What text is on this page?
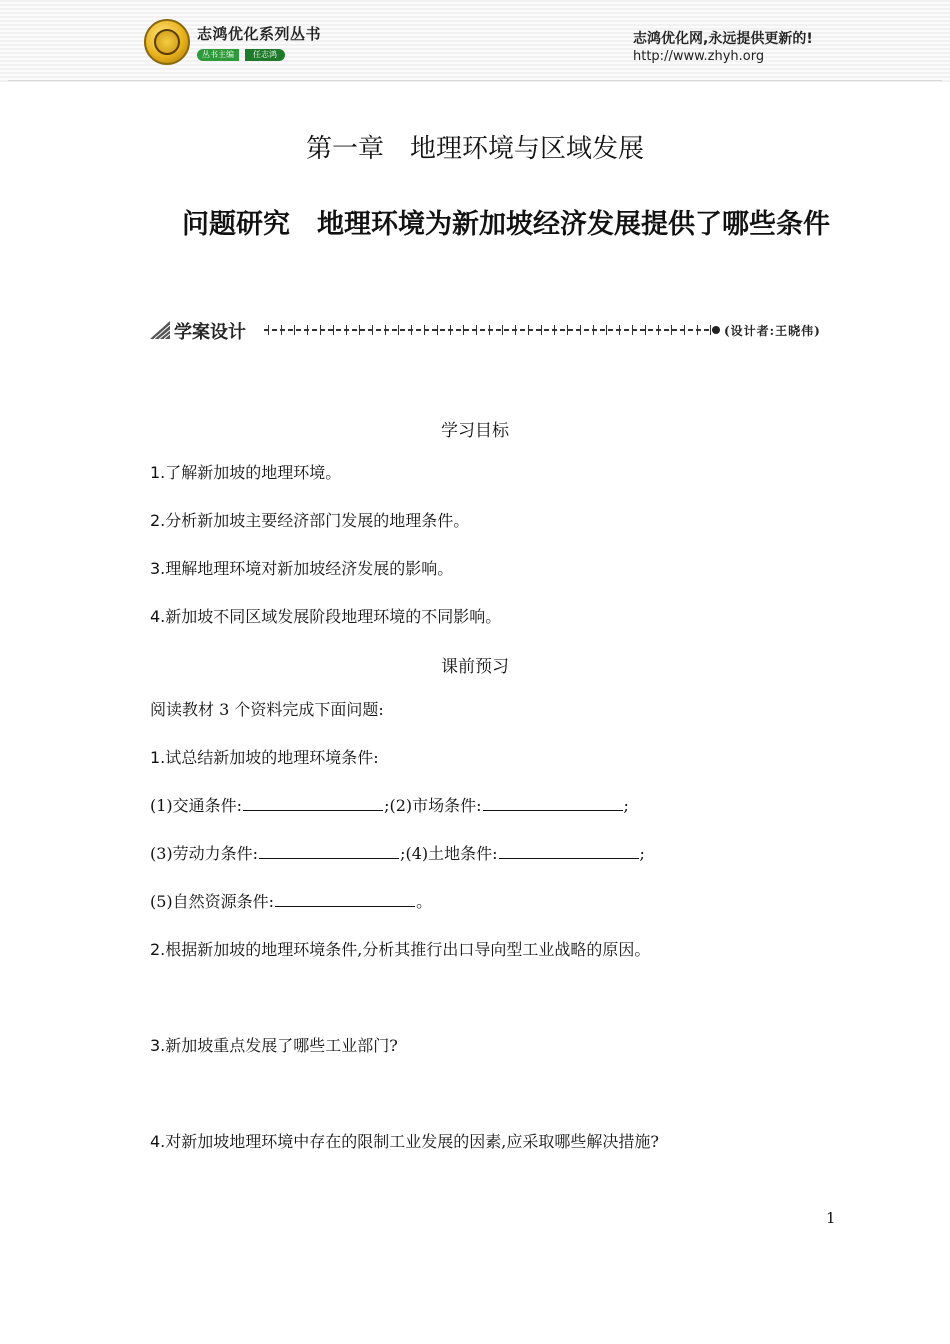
志鸿优化系列丛书
丛书主编	任志鸿
志鸿优化网,永远提供更新的!
http://www.zhyh.org
第一章　地理环境与区域发展
问题研究　地理环境为新加坡经济发展提供了哪些条件
学案设计	(设计者:王晓伟)
学习目标
1.了解新加坡的地理环境。
2.分析新加坡主要经济部门发展的地理条件。
3.理解地理环境对新加坡经济发展的影响。
4.新加坡不同区域发展阶段地理环境的不同影响。
课前预习
阅读教材 3 个资料完成下面问题:
1.试总结新加坡的地理环境条件:
(1)交通条件:	;(2)市场条件:	;
(3)劳动力条件:	;(4)土地条件:	;
(5)自然资源条件:	。
2.根据新加坡的地理环境条件,分析其推行出口导向型工业战略的原因。
3.新加坡重点发展了哪些工业部门?
4.对新加坡地理环境中存在的限制工业发展的因素,应采取哪些解决措施?
1
